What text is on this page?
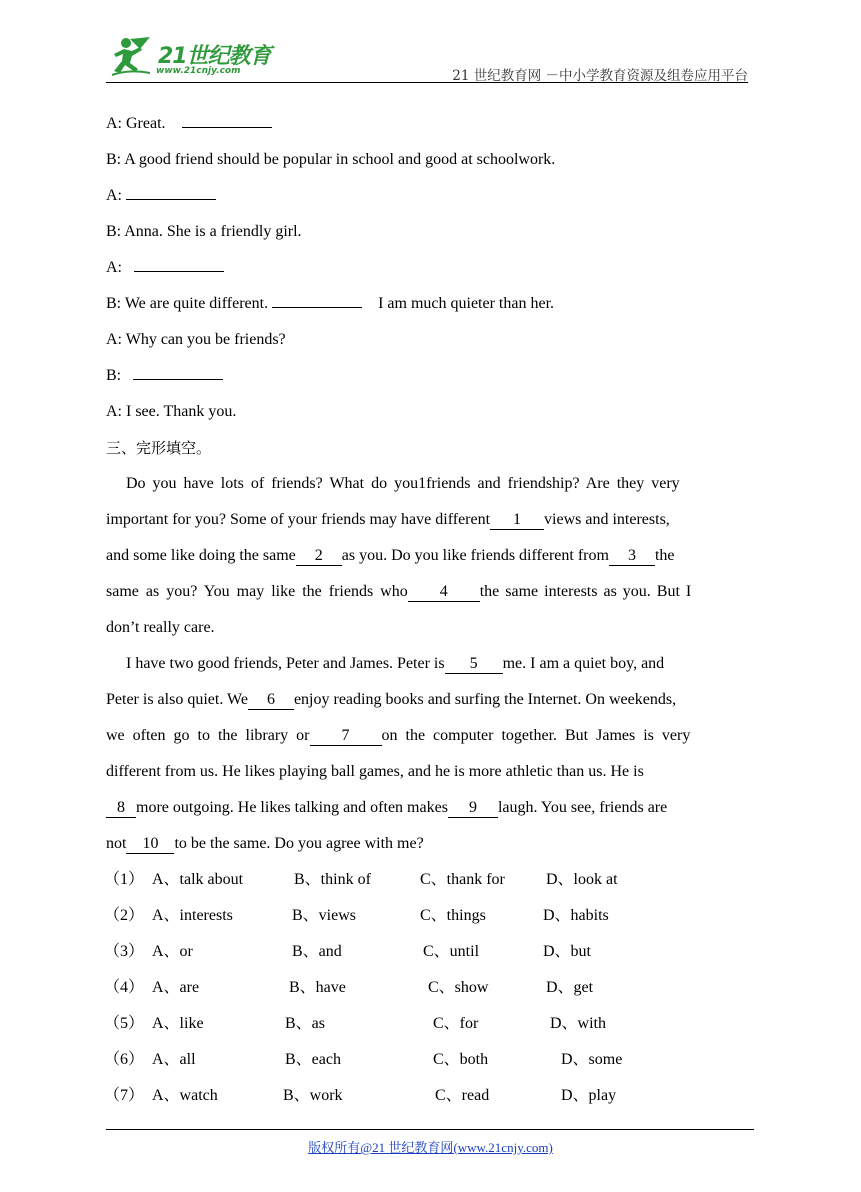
21世纪教育
www.21cnjy.com	21 世纪教育网 －中小学教育资源及组卷应用平台
A: Great.
B: A good friend should be popular in school and good at schoolwork.
A:
B: Anna. She is a friendly girl.
A:
B: We are quite different.	I am much quieter than her.
A: Why can you be friends?
B:
A: I see. Thank you.
三、完形填空。
Do you have lots of friends? What do you1friends and friendship? Are they very
important for you? Some of your friends may have different 1 views and interests,
and some like doing the same 2 as you. Do you like friends different from 3 the
same as you? You may like the friends who 4 the same interests as you. But I
don’t really care.
I have two good friends, Peter and James. Peter is 5 me. I am a quiet boy, and
Peter is also quiet. We 6 enjoy reading books and surfing the Internet. On weekends,
we often go to the library or 7 on the computer together. But James is very
different from us. He likes playing ball games, and he is more athletic than us. He is
8 more outgoing. He likes talking and often makes 9 laugh. You see, friends are
not 10 to be the same. Do you agree with me?
（1） A、talk about	B、think of	C、thank for	D、look at
（2） A、interests	B、views	C、things	D、habits
（3） A、or	B、and	C、until	D、but
（4） A、are	B、have	C、show	D、get
（5） A、like	B、as	C、for	D、with
（6） A、all	B、each	C、both	D、some
（7） A、watch	B、work	C、read	D、play
版权所有@21 世纪教育网(www.21cnjy.com)
